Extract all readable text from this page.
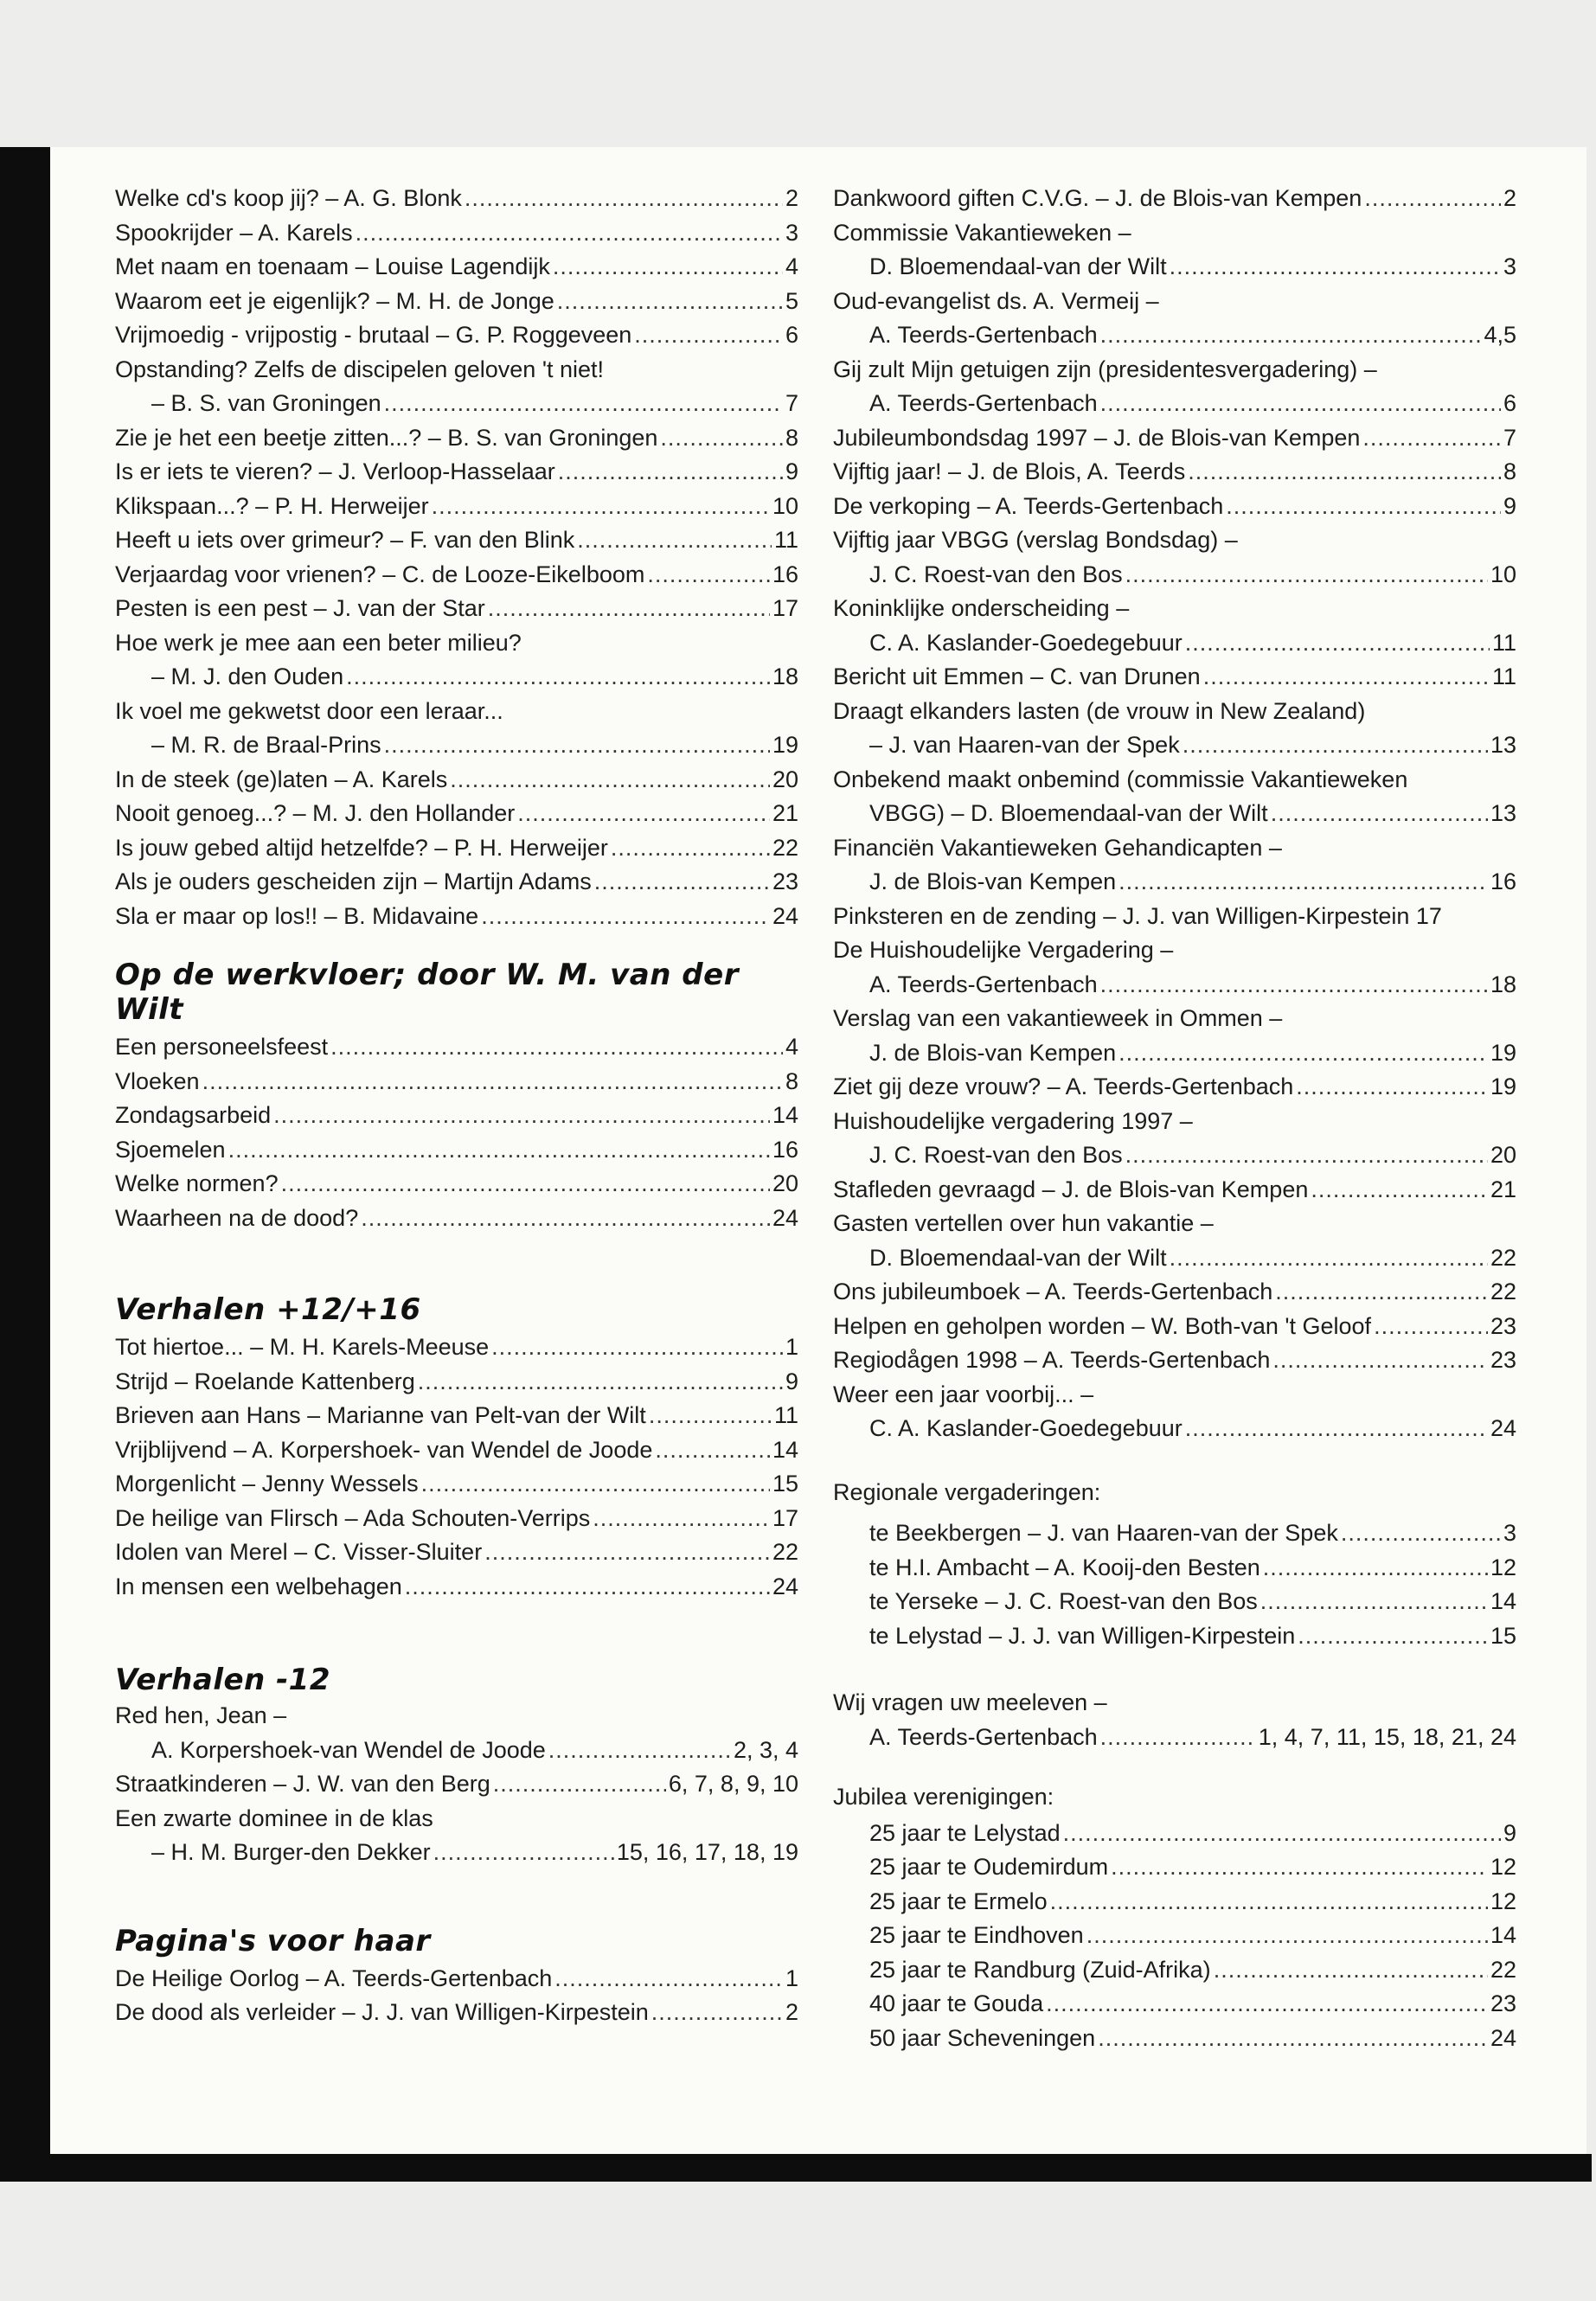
Welke cd's koop jij? – A. G. Blonk .....	2
Spookrijder – A. Karels .....	3
Met naam en toenaam – Louise Lagendijk .....	4
Waarom eet je eigenlijk? – M. H. de Jonge .....	5
Vrijmoedig - vrijpostig - brutaal – G. P. Roggeveen .....	6
Opstanding? Zelfs de discipelen geloven 't niet!
– B. S. van Groningen .....	7
Zie je het een beetje zitten...? – B. S. van Groningen .....	8
Is er iets te vieren? – J. Verloop-Hasselaar .....	9
Klikspaan...? – P. H. Herweijer .....	10
Heeft u iets over grimeur? – F. van den Blink .....	11
Verjaardag voor vrienen? – C. de Looze-Eikelboom .....	16
Pesten is een pest – J. van der Star .....	17
Hoe werk je mee aan een beter milieu?
– M. J. den Ouden .....	18
Ik voel me gekwetst door een leraar...
– M. R. de Braal-Prins .....	19
In de steek (ge)laten – A. Karels .....	20
Nooit genoeg...? – M. J. den Hollander .....	21
Is jouw gebed altijd hetzelfde? – P. H. Herweijer .....	22
Als je ouders gescheiden zijn – Martijn Adams .....	23
Sla er maar op los!! – B. Midavaine .....	24
Op de werkvloer; door W. M. van der Wilt
Een personeelsfeest .....	4
Vloeken .....	8
Zondagsarbeid .....	14
Sjoemelen .....	16
Welke normen? .....	20
Waarheen na de dood? .....	24
Verhalen +12/+16
Tot hiertoe... – M. H. Karels-Meeuse .....	1
Strijd – Roelande Kattenberg .....	9
Brieven aan Hans – Marianne van Pelt-van der Wilt .....	11
Vrijblijvend – A. Korpershoek- van Wendel de Joode .....	14
Morgenlicht – Jenny Wessels .....	15
De heilige van Flirsch – Ada Schouten-Verrips .....	17
Idolen van Merel – C. Visser-Sluiter .....	22
In mensen een welbehagen .....	24
Verhalen -12
Red hen, Jean –
A. Korpershoek-van Wendel de Joode .....	2, 3, 4
Straatkinderen – J. W. van den Berg .....	6, 7, 8, 9, 10
Een zwarte dominee in de klas
– H. M. Burger-den Dekker .....	15, 16, 17, 18, 19
Pagina's voor haar
De Heilige Oorlog – A. Teerds-Gertenbach .....	1
De dood als verleider – J. J. van Willigen-Kirpestein .....	2
Dankwoord giften C.V.G. – J. de Blois-van Kempen .....	2
Commissie Vakantieweken –
D. Bloemendaal-van der Wilt .....	3
Oud-evangelist ds. A. Vermeij –
A. Teerds-Gertenbach .....	4,5
Gij zult Mijn getuigen zijn (presidentesvergadering) –
A. Teerds-Gertenbach .....	6
Jubileumbondsdag 1997 – J. de Blois-van Kempen .....	7
Vijftig jaar! – J. de Blois, A. Teerds .....	8
De verkoping – A. Teerds-Gertenbach .....	9
Vijftig jaar VBGG (verslag Bondsdag) –
J. C. Roest-van den Bos .....	10
Koninklijke onderscheiding –
C. A. Kaslander-Goedegebuur .....	11
Bericht uit Emmen – C. van Drunen .....	11
Draagt elkanders lasten (de vrouw in New Zealand)
– J. van Haaren-van der Spek .....	13
Onbekend maakt onbemind (commissie Vakantieweken
VBGG) – D. Bloemendaal-van der Wilt .....	13
Financiën Vakantieweken Gehandicapten –
J. de Blois-van Kempen .....	16
Pinksteren en de zending – J. J. van Willigen-Kirpestein 17
De Huishoudelijke Vergadering –
A. Teerds-Gertenbach .....	18
Verslag van een vakantieweek in Ommen –
J. de Blois-van Kempen .....	19
Ziet gij deze vrouw? – A. Teerds-Gertenbach .....	19
Huishoudelijke vergadering 1997 –
J. C. Roest-van den Bos .....	20
Stafleden gevraagd – J. de Blois-van Kempen .....	21
Gasten vertellen over hun vakantie –
D. Bloemendaal-van der Wilt .....	22
Ons jubileumboek – A. Teerds-Gertenbach .....	22
Helpen en geholpen worden – W. Both-van 't Geloof .....	23
Regiodågen 1998 – A. Teerds-Gertenbach .....	23
Weer een jaar voorbij... –
C. A. Kaslander-Goedegebuur .....	24
Regionale vergaderingen:
te Beekbergen – J. van Haaren-van der Spek .....	3
te H.I. Ambacht – A. Kooij-den Besten .....	12
te Yerseke – J. C. Roest-van den Bos .....	14
te Lelystad – J. J. van Willigen-Kirpestein .....	15
Wij vragen uw meeleven –
A. Teerds-Gertenbach .....	1, 4, 7, 11, 15, 18, 21, 24
Jubilea verenigingen:
25 jaar te Lelystad .....	9
25 jaar te Oudemirdum .....	12
25 jaar te Ermelo .....	12
25 jaar te Eindhoven .....	14
25 jaar te Randburg (Zuid-Afrika) .....	22
40 jaar te Gouda .....	23
50 jaar Scheveningen .....	24
